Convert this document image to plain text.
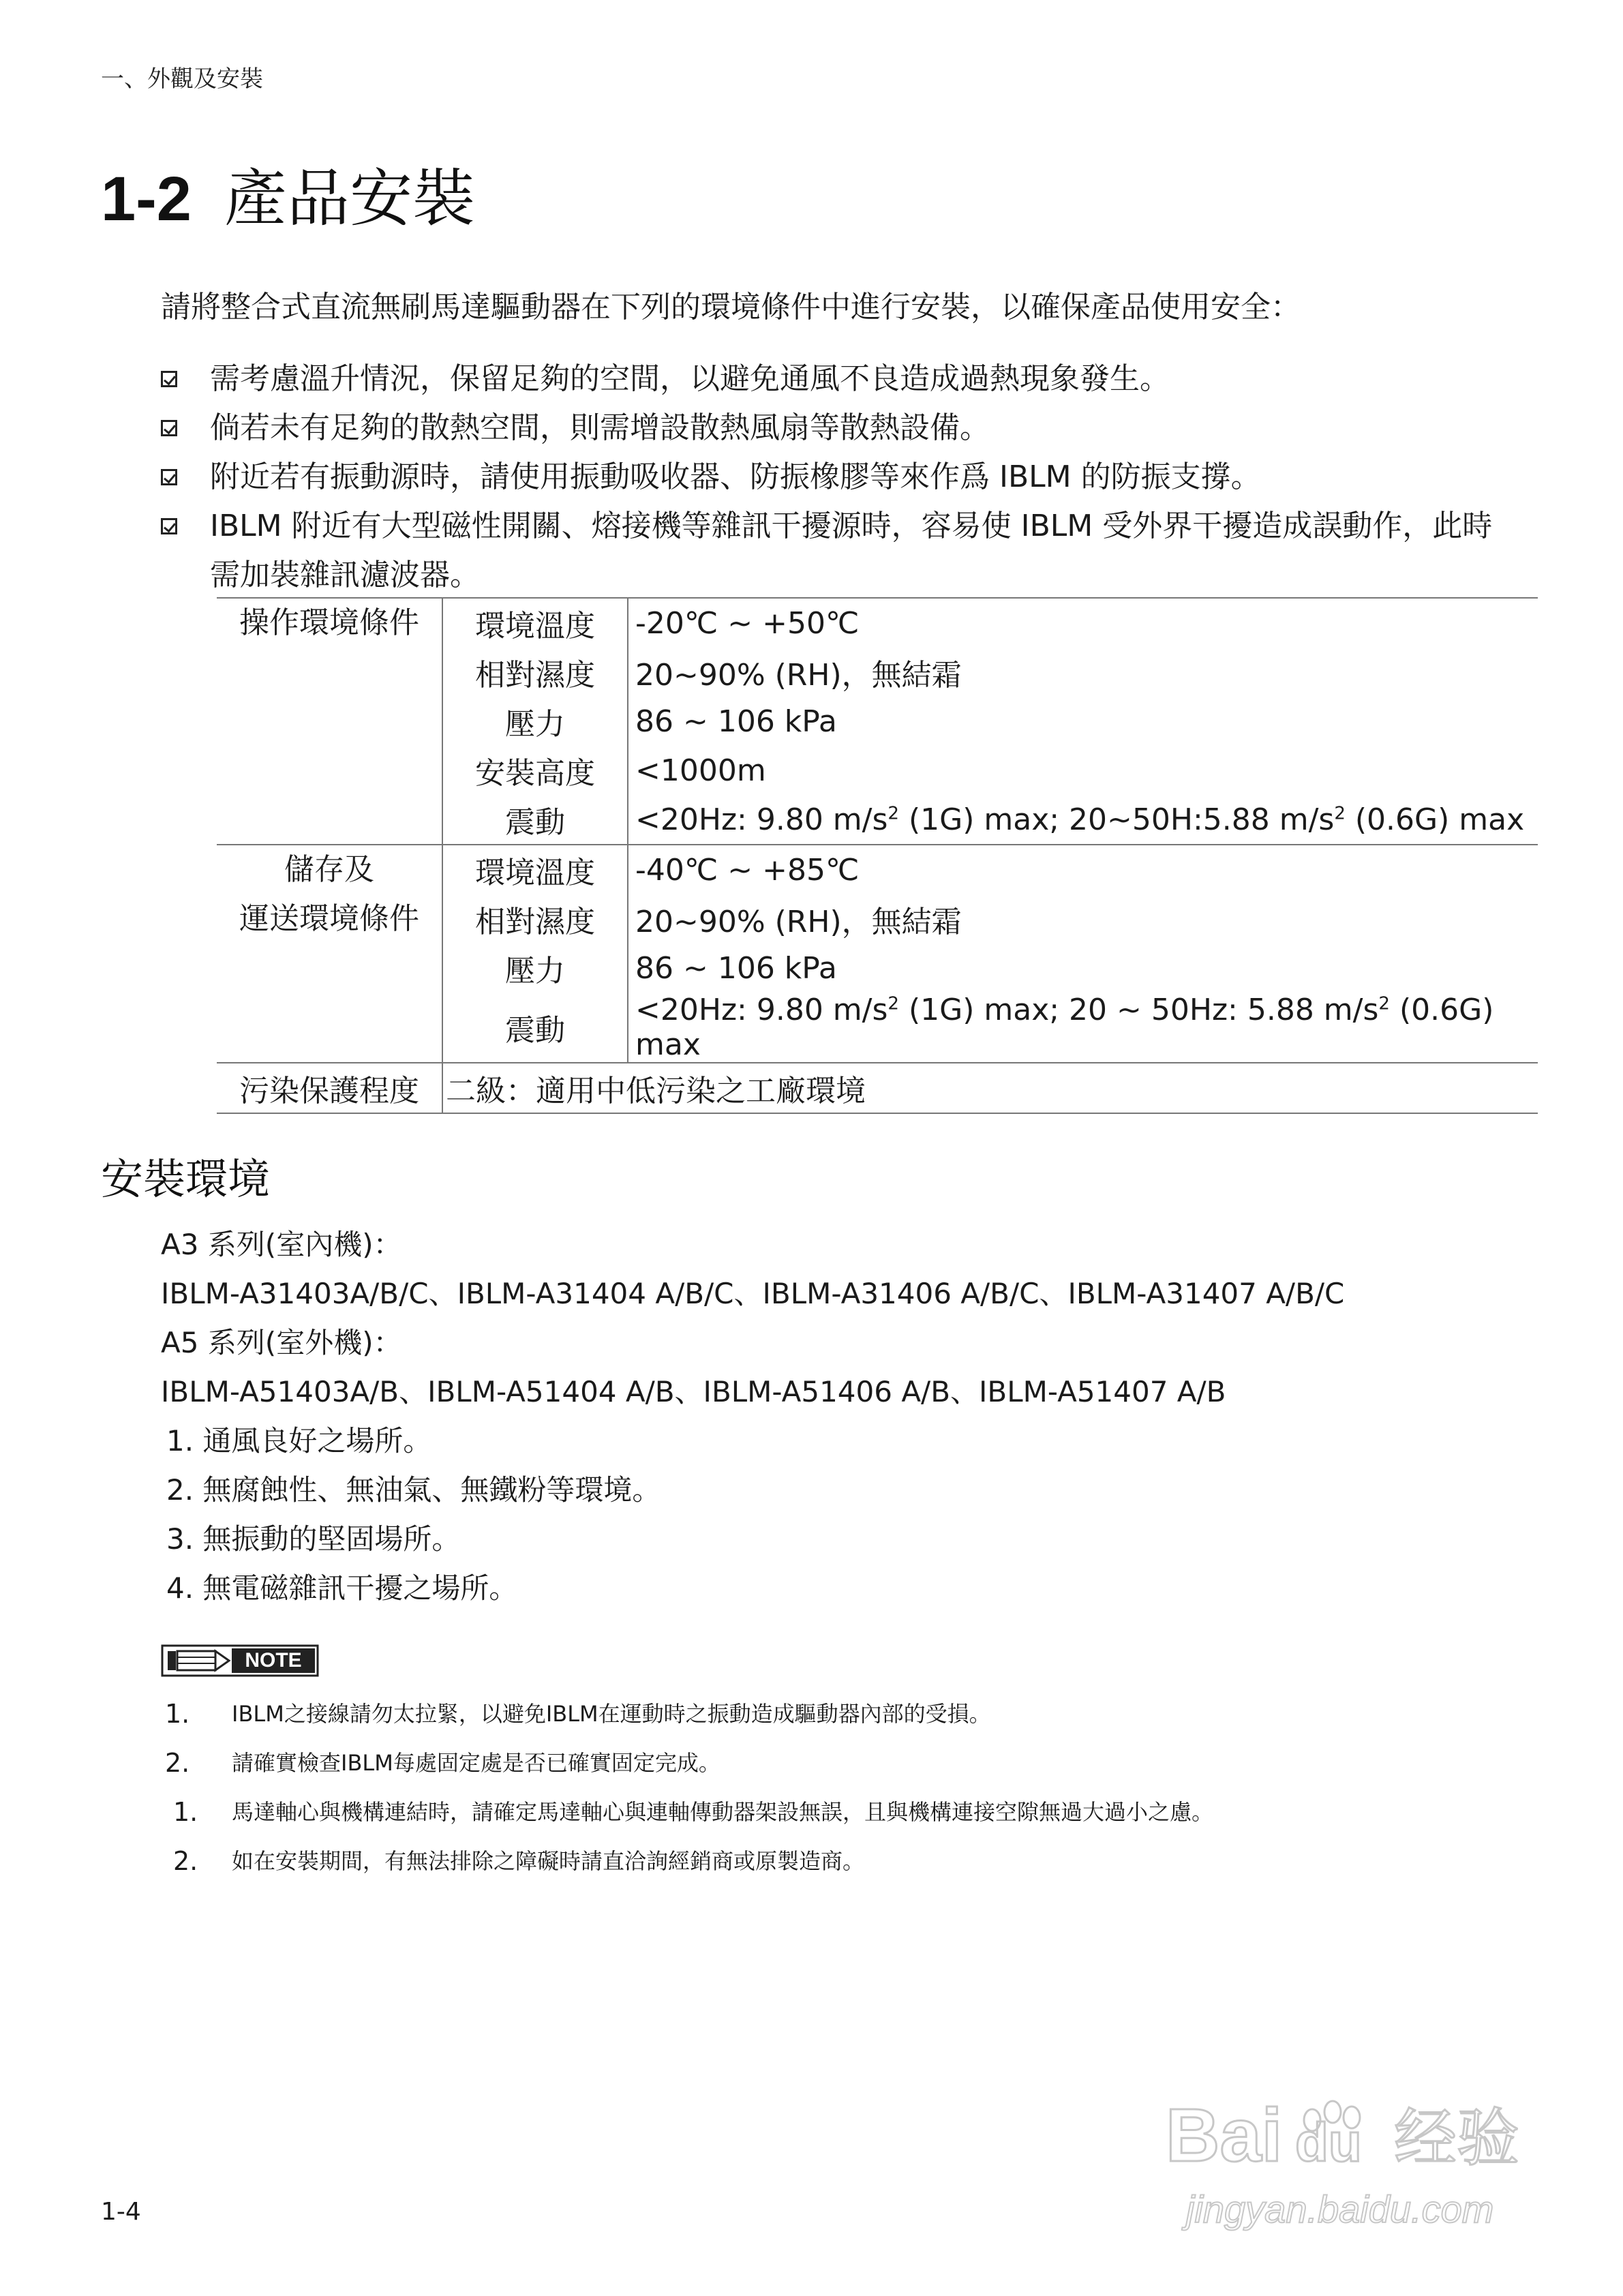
一、外觀及安裝
1-2 產品安裝
請將整合式直流無刷馬達驅動器在下列的環境條件中進行安裝，以確保產品使用安全：
需考慮溫升情況，保留足夠的空間，以避免通風不良造成過熱現象發生。
倘若未有足夠的散熱空間，則需增設散熱風扇等散熱設備。
附近若有振動源時，請使用振動吸收器、防振橡膠等來作爲 IBLM 的防振支撐。
IBLM 附近有大型磁性開關、熔接機等雜訊干擾源時，容易使 IBLM 受外界干擾造成誤動作，此時
需加裝雜訊濾波器。
操作環境條件	環境溫度	-20℃ ~ +50℃
	相對濕度	20~90% (RH)，無結霜
	壓力	86 ~ 106 kPa
	安裝高度	<1000m
	震動	<20Hz: 9.80 $m/s^2$ (1G) max; 20~50H:5.88 $m/s^2$ (0.6G) max

儲存及
運送環境條件	環境溫度	-40℃ ~ +85℃
	相對濕度	20~90% (RH)，無結霜
	壓力	86 ~ 106 kPa
	震動	<20Hz: 9.80 $m/s^2$ (1G) max; 20 ~ 50Hz: 5.88 $m/s^2$ (0.6G) max
污染保護程度	二級：適用中低污染之工廠環境	
安裝環境
A3 系列(室內機)：
IBLM-A31403A/B/C、IBLM-A31404 A/B/C、IBLM-A31406 A/B/C、IBLM-A31407 A/B/C
A5 系列(室外機)：
IBLM-A51403A/B、IBLM-A51404 A/B、IBLM-A51406 A/B、IBLM-A51407 A/B
1. 通風良好之場所。
2. 無腐蝕性、無油氣、無鐵粉等環境。
3. 無振動的堅固場所。
4. 無電磁雜訊干擾之場所。
NOTE
1. IBLM之接線請勿太拉緊，以避免IBLM在運動時之振動造成驅動器內部的受損。
2. 請確實檢查IBLM每處固定處是否已確實固定完成。
1. 馬達軸心與機構連結時，請確定馬達軸心與連軸傳動器架設無誤，且與機構連接空隙無過大過小之慮。
2. 如在安裝期間，有無法排除之障礙時請直洽詢經銷商或原製造商。
1-4
Bai du 经验
jingyan.baidu.com
